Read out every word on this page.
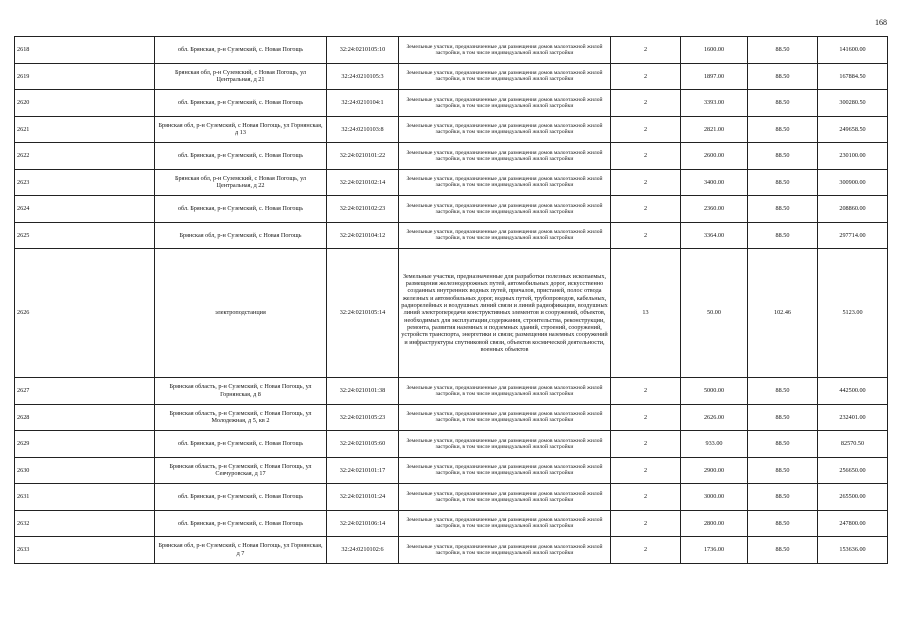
168
2618	обл. Брянская, р-н Суземский, с. Новая Погощь	32:24:0210105:10	Земельные участки, предназначенные для размещения домов малоэтажной жилой застройки, в том числе индивидуальной жилой застройки	2	1600.00	88.50	141600.00
2619	Брянская обл, р-н Суземский, с Новая Погощь, ул Центральная, д 21	32:24:0210105:3	Земельные участки, предназначенные для размещения домов малоэтажной жилой застройки, в том числе индивидуальной жилой застройки	2	1897.00	88.50	167884.50
2620	обл. Брянская, р-н Суземский, с. Новая Погощь	32:24:0210104:1	Земельные участки, предназначенные для размещения домов малоэтажной жилой застройки, в том числе индивидуальной жилой застройки	2	3393.00	88.50	300280.50
2621	Брянская обл, р-н Суземский, с Новая Погощь, ул Горнянская, д 13	32:24:0210103:8	Земельные участки, предназначенные для размещения домов малоэтажной жилой застройки, в том числе индивидуальной жилой застройки	2	2821.00	88.50	249658.50
2622	обл. Брянская, р-н Суземский, с. Новая Погощь	32:24:0210101:22	Земельные участки, предназначенные для размещения домов малоэтажной жилой застройки, в том числе индивидуальной жилой застройки	2	2600.00	88.50	230100.00
2623	Брянская обл, р-н Суземский, с Новая Погощь, ул Центральная, д 22	32:24:0210102:14	Земельные участки, предназначенные для размещения домов малоэтажной жилой застройки, в том числе индивидуальной жилой застройки	2	3400.00	88.50	300900.00
2624	обл. Брянская, р-н Суземский, с. Новая Погощь	32:24:0210102:23	Земельные участки, предназначенные для размещения домов малоэтажной жилой застройки, в том числе индивидуальной жилой застройки	2	2360.00	88.50	208860.00
2625	Брянская обл, р-н Суземский, с Новая Погощь	32:24:0210104:12	Земельные участки, предназначенные для размещения домов малоэтажной жилой застройки, в том числе индивидуальной жилой застройки	2	3364.00	88.50	297714.00
2626	электроподстанция	32:24:0210105:14	Земельные участки, предназначенные для разработки полезных ископаемых, размещения железнодорожных путей, автомобильных дорог, искусственно созданных внутренних водных путей, причалов, пристаней, полос отвода железных и автомобильных дорог, водных путей, трубопроводов, кабельных, радиорелейных и воздушных линий связи и линий радиофикации, воздушных линий электропередачи конструктивных элементов и сооружений, объектов, необходимых для эксплуатации,содержания, строительства, реконструкции, ремонта, развития наземных и подземных зданий, строений, сооружений, устройств транспорта, энергетики и связи; размещения наземных сооружений и инфраструктуры спутниковой связи, объектов космической деятельности, военных объектов	13	50.00	102.46	5123.00
2627	Брянская область, р-н Суземский, с Новая Погощь, ул Горнянская, д 8	32:24:0210101:38	Земельные участки, предназначенные для размещения домов малоэтажной жилой застройки, в том числе индивидуальной жилой застройки	2	5000.00	88.50	442500.00
2628	Брянская область, р-н Суземский, с Новая Погощь, ул Молодежная, д 5, кв 2	32:24:0210105:23	Земельные участки, предназначенные для размещения домов малоэтажной жилой застройки, в том числе индивидуальной жилой застройки	2	2626.00	88.50	232401.00
2629	обл. Брянская, р-н Суземский, с. Новая Погощь	32:24:0210105:60	Земельные участки, предназначенные для размещения домов малоэтажной жилой застройки, в том числе индивидуальной жилой застройки	2	933.00	88.50	82570.50
2630	Брянская область, р-н Суземский, с Новая Погощь, ул Севчуровская, д 17	32:24:0210101:17	Земельные участки, предназначенные для размещения домов малоэтажной жилой застройки, в том числе индивидуальной жилой застройки	2	2900.00	88.50	256650.00
2631	обл. Брянская, р-н Суземский, с. Новая Погощь	32:24:0210101:24	Земельные участки, предназначенные для размещения домов малоэтажной жилой застройки, в том числе индивидуальной жилой застройки	2	3000.00	88.50	265500.00
2632	обл. Брянская, р-н Суземский, с. Новая Погощь	32:24:0210106:14	Земельные участки, предназначенные для размещения домов малоэтажной жилой застройки, в том числе индивидуальной жилой застройки	2	2800.00	88.50	247800.00
2633	Брянская обл, р-н Суземский, с Новая Погощь, ул Горнянская, д 7	32:24:0210102:6	Земельные участки, предназначенные для размещения домов малоэтажной жилой застройки, в том числе индивидуальной жилой застройки	2	1736.00	88.50	153636.00
